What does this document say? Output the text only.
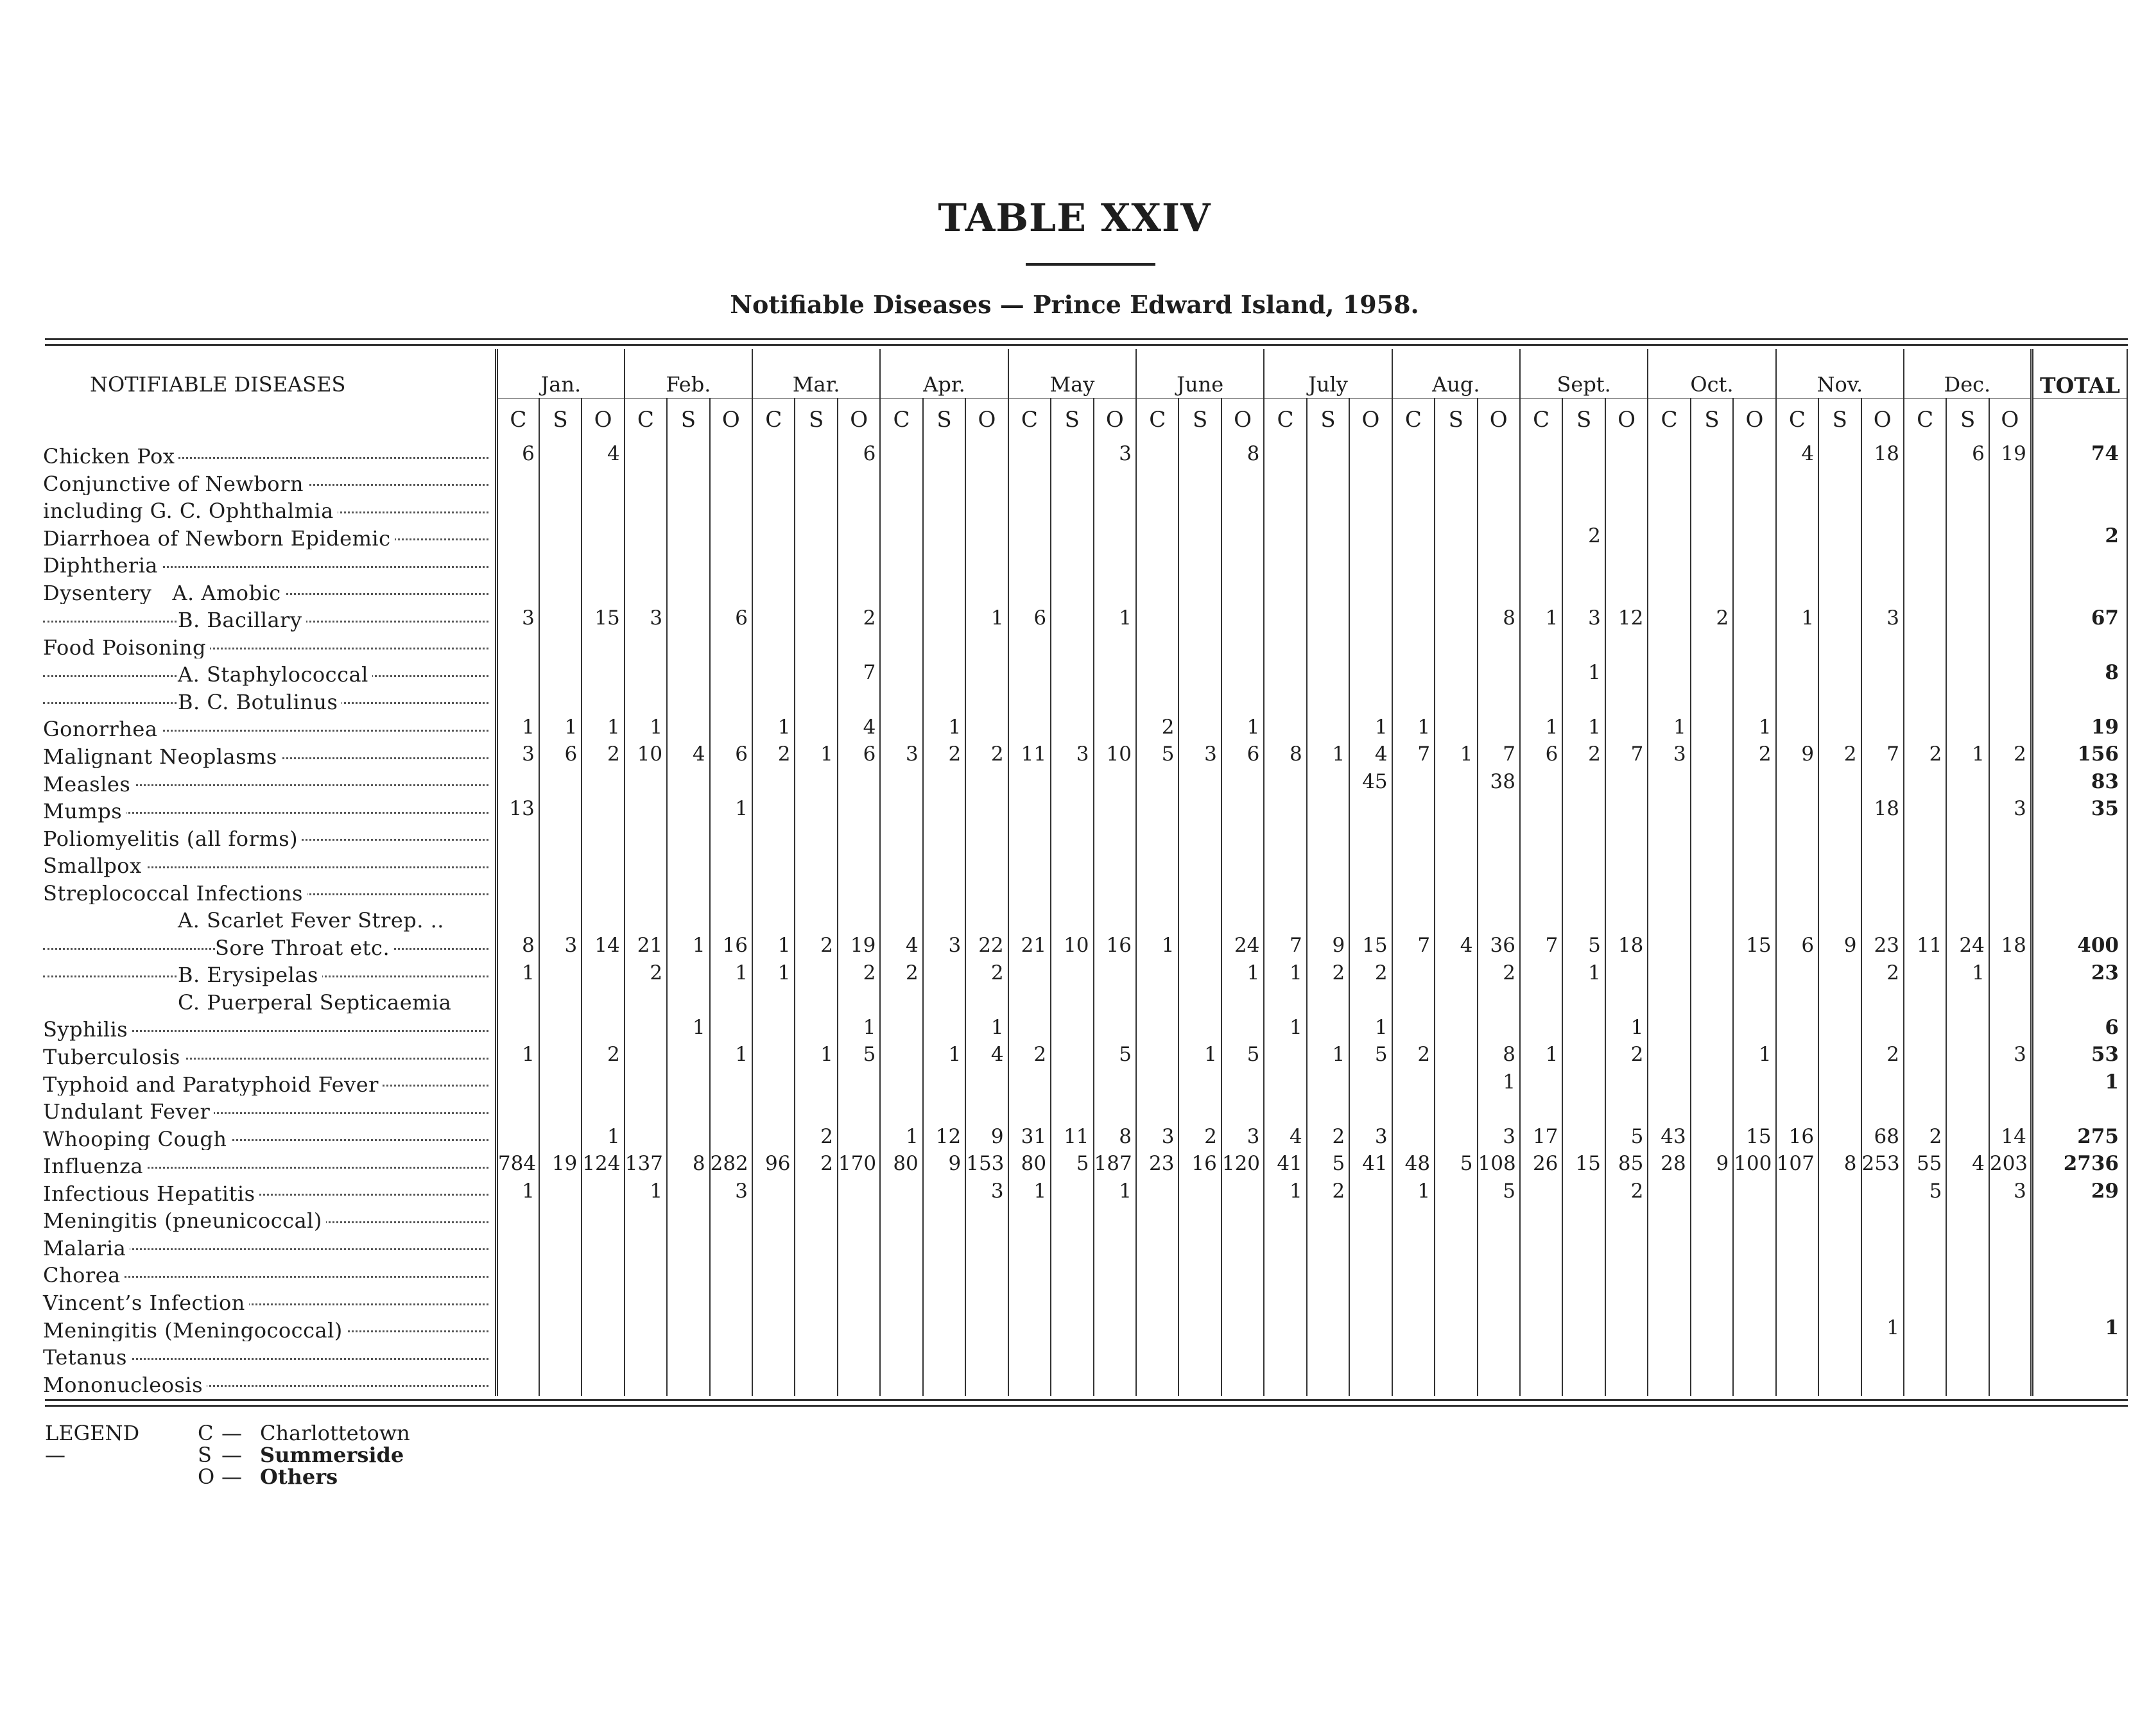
TABLE XXIV
Notifiable Diseases — Prince Edward Island, 1958.
NOTIFIABLE DISEASES	Jan.			Feb.			Mar.			Apr.			May			June			July			Aug.			Sept.			Oct.			Nov.			Dec.			TOTAL
	C	S	O	C	S	O	C	S	O	C	S	O	C	S	O	C	S	O	C	S	O	C	S	O	C	S	O	C	S	O	C	S	O	C	S	O	

Chicken Pox	6		4						6						3			8													4		18		6	19	74

Conjunctive of Newborn																																					

including G. C. Ophthalmia																																					

Diarrhoea of Newborn Epidemic																										2											2

Diphtheria																																					

Dysentery   A. Amobic																																					

B. Bacillary	3		15	3		6			2			1	6		1									8	1	3	12		2		1		3				67

Food Poisoning																																					

A. Staphylococcal									7																	1											8

B. C. Botulinus																																					

Gonorrhea	1	1	1	1			1		4		1					2		1			1	1			1	1		1		1							19

Malignant Neoplasms	3	6	2	10	4	6	2	1	6	3	2	2	11	3	10	5	3	6	8	1	4	7	1	7	6	2	7	3		2	9	2	7	2	1	2	156

Measles																					45			38													83

Mumps	13					1																											18			3	35

Poliomyelitis (all forms)																																					

Smallpox																																					

Streplococcal Infections																																					

A. Scarlet Fever Strep. ..																																					

Sore Throat etc.	8	3	14	21	1	16	1	2	19	4	3	22	21	10	16	1		24	7	9	15	7	4	36	7	5	18			15	6	9	23	11	24	18	400

B. Erysipelas	1			2		1	1		2	2		2						1	1	2	2			2		1							2		1		23

C. Puerperal Septicaemia																																					

Syphilis					1				1			1							1		1						1										6

Tuberculosis	1		2			1		1	5		1	4	2		5		1	5		1	5	2		8	1		2			1			2			3	53

Typhoid and Paratyphoid Fever																								1													1

Undulant Fever																																					

Whooping Cough			1					2		1	12	9	31	11	8	3	2	3	4	2	3			3	17		5	43		15	16		68	2		14	275

Influenza	784	19	124	137	8	282	96	2	170	80	9	153	80	5	187	23	16	120	41	5	41	48	5	108	26	15	85	28	9	100	107	8	253	55	4	203	2736

Infectious Hepatitis	1			1		3						3	1		1				1	2		1		5			2							5		3	29

Meningitis (pneunicoccal)																																					

Malaria																																					

Chorea																																					

Vincent’s Infection																																					

Meningitis (Meningococcal)																																	1				1

Tetanus																																					

Mononucleosis																																					

LEGEND —
C — Charlottetown
S — Summerside
O — Others
